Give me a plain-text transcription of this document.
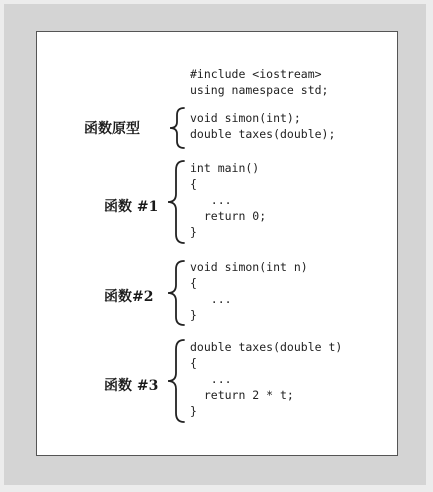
#include <iostream>
using namespace std;
函数原型
void simon(int);
double taxes(double);
函数 #1
int main()
{
...
return 0;
}
函数#2
void simon(int n)
{
...
}
函数 #3
double taxes(double t)
{
...
return 2 * t;
}
